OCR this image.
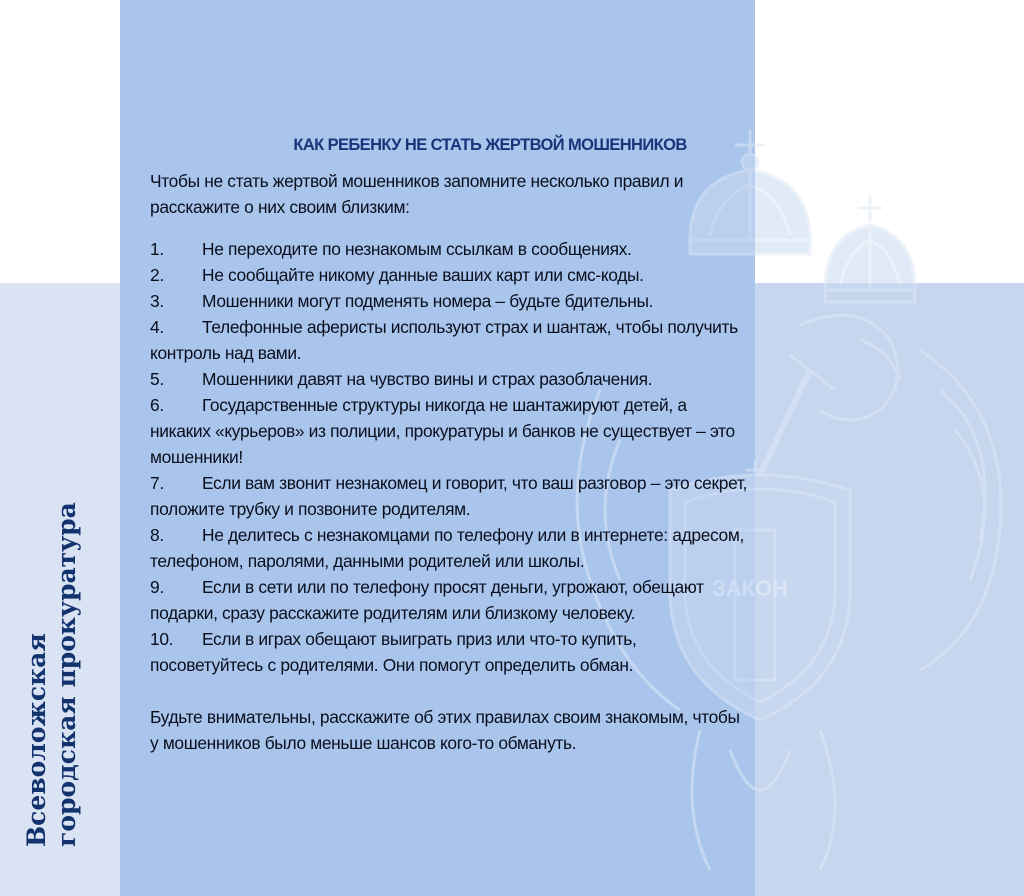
ЗАКОН
Всеволожская городская прокуратура
КАК РЕБЕНКУ НЕ СТАТЬ ЖЕРТВОЙ МОШЕННИКОВ
Чтобы не стать жертвой мошенников запомните несколько правил и расскажите о них своим близким:
1. Не переходите по незнакомым ссылкам в сообщениях.
2. Не сообщайте никому данные ваших карт или смс-коды.
3. Мошенники могут подменять номера – будьте бдительны.
4. Телефонные аферисты используют страх и шантаж, чтобы получить контроль над вами.
5. Мошенники давят на чувство вины и страх разоблачения.
6. Государственные структуры никогда не шантажируют детей, а никаких «курьеров» из полиции, прокуратуры и банков не существует – это мошенники!
7. Если вам звонит незнакомец и говорит, что ваш разговор – это секрет, положите трубку и позвоните родителям.
8. Не делитесь с незнакомцами по телефону или в интернете: адресом, телефоном, паролями, данными родителей или школы.
9. Если в сети или по телефону просят деньги, угрожают, обещают подарки, сразу расскажите родителям или близкому человеку.
10. Если в играх обещают выиграть приз или что-то купить, посоветуйтесь с родителями. Они помогут определить обман.
Будьте внимательны, расскажите об этих правилах своим знакомым, чтобы у мошенников было меньше шансов кого-то обмануть.
